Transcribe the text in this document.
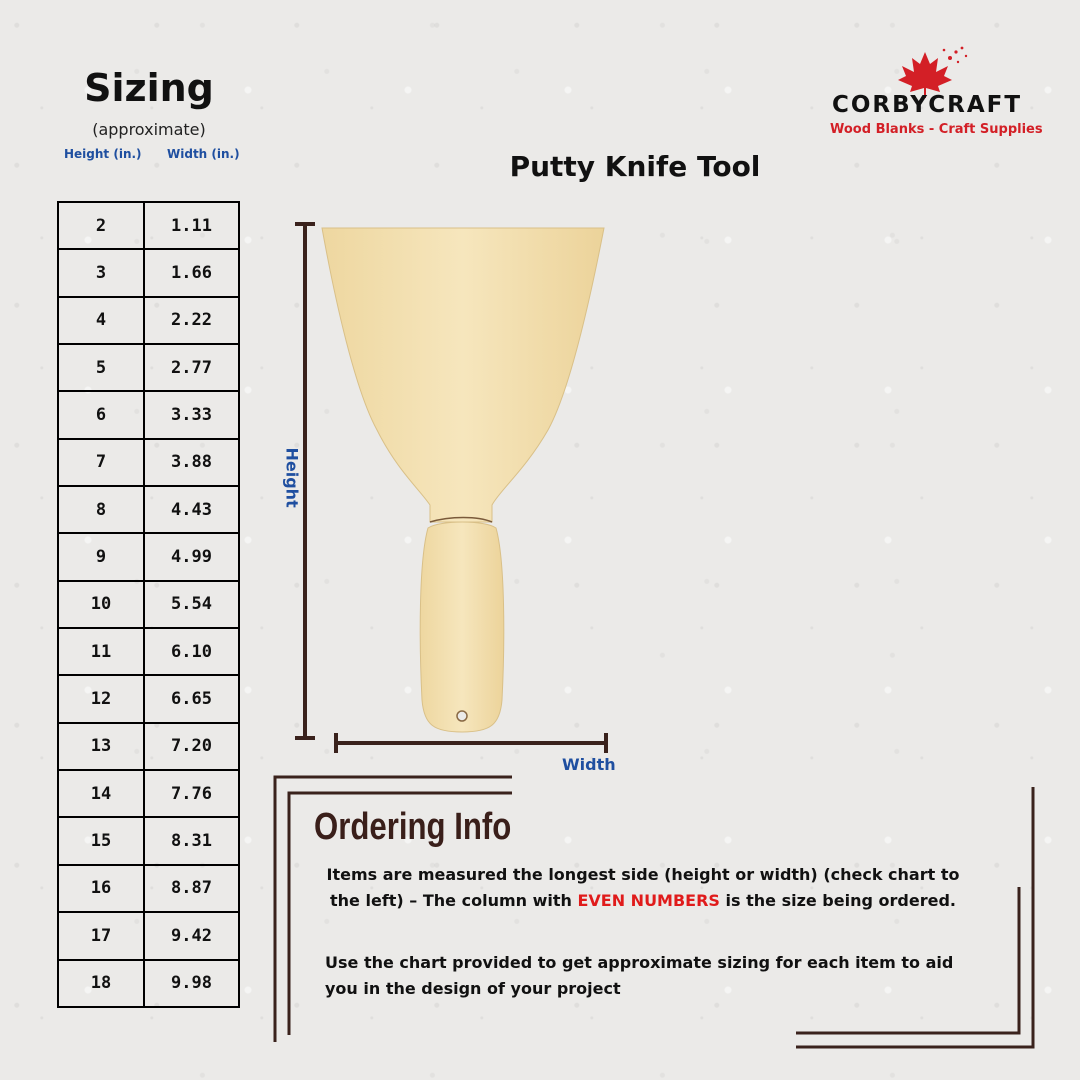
Sizing
(approximate)
Height (in.) Width (in.)
2	1.11
3	1.66
4	2.22
5	2.77
6	3.33
7	3.88
8	4.43
9	4.99
10	5.54
11	6.10
12	6.65
13	7.20
14	7.76
15	8.31
16	8.87
17	9.42
18	9.98
CORBYCRAFT
Wood Blanks - Craft Supplies
Putty Knife Tool
Height
Width
Ordering Info
Items are measured the longest side (height or width) (check chart to the left) – The column with EVEN NUMBERS is the size being ordered.
Use the chart provided to get approximate sizing for each item to aid you in the design of your project
